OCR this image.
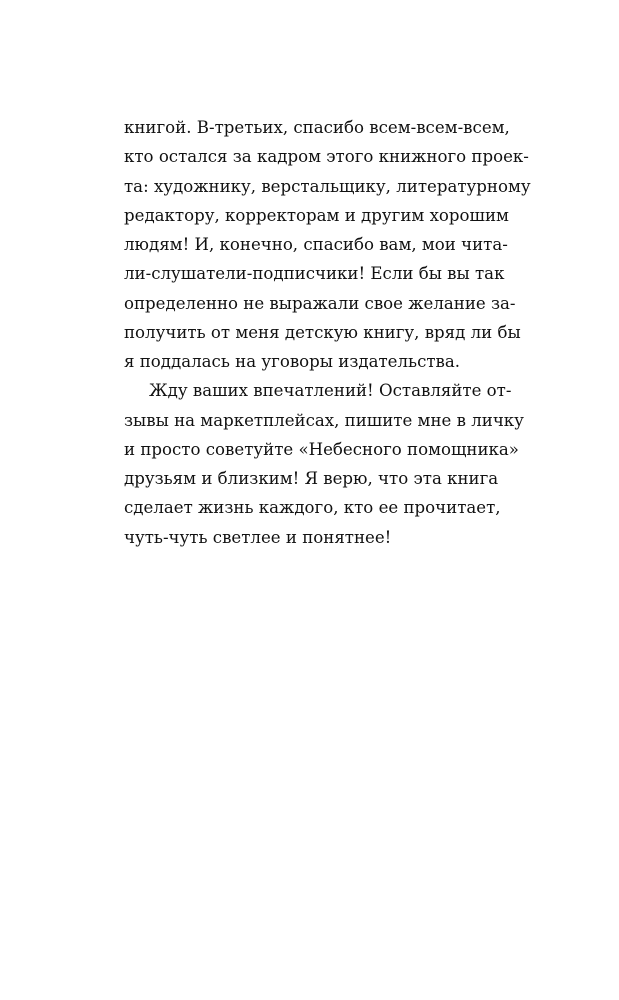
книгой. В-третьих, спасибо всем-всем-всем,
кто остался за кадром этого книжного проек-
та: художнику, верстальщику, литературному
редактору, корректорам и другим хорошим
людям! И, конечно, спасибо вам, мои чита-
ли-слушатели-подписчики! Если бы вы так
определенно не выражали свое желание за-
получить от меня детскую книгу, вряд ли бы
я поддалась на уговоры издательства.
Жду ваших впечатлений! Оставляйте от-
зывы на маркетплейсах, пишите мне в личку
и просто советуйте «Небесного помощника»
друзьям и близким! Я верю, что эта книга
сделает жизнь каждого, кто ее прочитает,
чуть-чуть светлее и понятнее!
